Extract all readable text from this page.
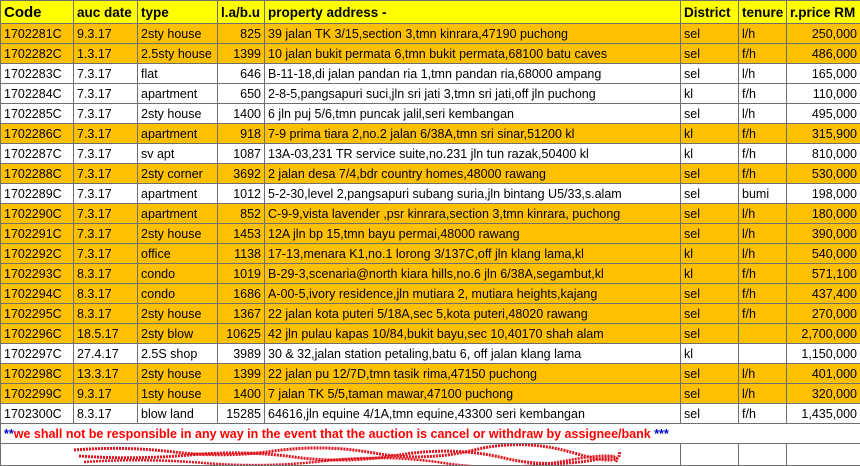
Code	auc date	type	l.a/b.u	property address -	District	tenure	r.price RM
1702281C	9.3.17	2sty house	825	39 jalan TK 3/15,section 3,tmn kinrara,47190 puchong	sel	l/h	250,000
1702282C	1.3.17	2.5sty house	1399	10 jalan bukit permata 6,tmn bukit permata,68100 batu caves	sel	f/h	486,000
1702283C	7.3.17	flat	646	B-11-18,di jalan pandan ria 1,tmn pandan ria,68000 ampang	sel	l/h	165,000
1702284C	7.3.17	apartment	650	2-8-5,pangsapuri suci,jln sri jati 3,tmn sri jati,off jln puchong	kl	f/h	110,000
1702285C	7.3.17	2sty house	1400	6 jln puj 5/6,tmn puncak jalil,seri kembangan	sel	l/h	495,000
1702286C	7.3.17	apartment	918	7-9 prima tiara 2,no.2 jalan 6/38A,tmn sri sinar,51200 kl	kl	f/h	315,900
1702287C	7.3.17	sv apt	1087	13A-03,231 TR service suite,no.231 jln tun razak,50400 kl	kl	f/h	810,000
1702288C	7.3.17	2sty corner	3692	2 jalan desa 7/4,bdr country homes,48000 rawang	sel	f/h	530,000
1702289C	7.3.17	apartment	1012	5-2-30,level 2,pangsapuri subang suria,jln bintang U5/33,s.alam	sel	bumi	198,000
1702290C	7.3.17	apartment	852	C-9-9,vista lavender ,psr kinrara,section 3,tmn kinrara, puchong	sel	l/h	180,000
1702291C	7.3.17	2sty house	1453	12A jln bp 15,tmn bayu permai,48000 rawang	sel	l/h	390,000
1702292C	7.3.17	office	1138	17-13,menara K1,no.1 lorong 3/137C,off jln klang lama,kl	kl	l/h	540,000
1702293C	8.3.17	condo	1019	B-29-3,scenaria@north kiara hills,no.6 jln 6/38A,segambut,kl	kl	f/h	571,100
1702294C	8.3.17	condo	1686	A-00-5,ivory residence,jln mutiara 2, mutiara heights,kajang	sel	f/h	437,400
1702295C	8.3.17	2sty house	1367	22 jalan kota puteri 5/18A,sec 5,kota puteri,48020 rawang	sel	f/h	270,000
1702296C	18.5.17	2sty blow	10625	42 jln pulau kapas 10/84,bukit bayu,sec 10,40170 shah alam	sel		2,700,000
1702297C	27.4.17	2.5S shop	3989	30 & 32,jalan station petaling,batu 6, off jalan klang lama	kl		1,150,000
1702298C	13.3.17	2sty house	1399	22 jalan pu 12/7D,tmn tasik rima,47150 puchong	sel	l/h	401,000
1702299C	9.3.17	1sty house	1400	7 jalan TK 5/5,taman mawar,47100 puchong	sel	l/h	320,000
1702300C	8.3.17	blow land	15285	64616,jln equine 4/1A,tmn equine,43300 seri kembangan	sel	f/h	1,435,000
**we shall not be responsible in any way in the event that the auction is cancel or withdraw by assignee/bank ***							
